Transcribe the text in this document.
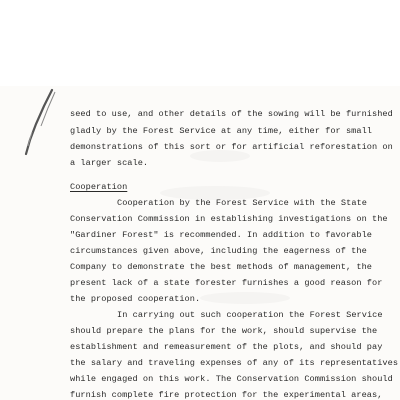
seed to use, and other details of the sowing will be furnished
gladly by the Forest Service at any time, either for small
demonstrations of this sort or for artificial reforestation on
a larger scale.
Cooperation
Cooperation by the Forest Service with the State
Conservation Commission in establishing investigations on the
"Gardiner Forest" is recommended. In addition to favorable
circumstances given above, including the eagerness of the
Company to demonstrate the best methods of management, the
present lack of a state forester furnishes a good reason for
the proposed cooperation.
In carrying out such cooperation the Forest Service
should prepare the plans for the work, should supervise the
establishment and remeasurement of the plots, and should pay
the salary and traveling expenses of any of its representatives
while engaged on this work. The Conservation Commission should
furnish complete fire protection for the experimental areas,
